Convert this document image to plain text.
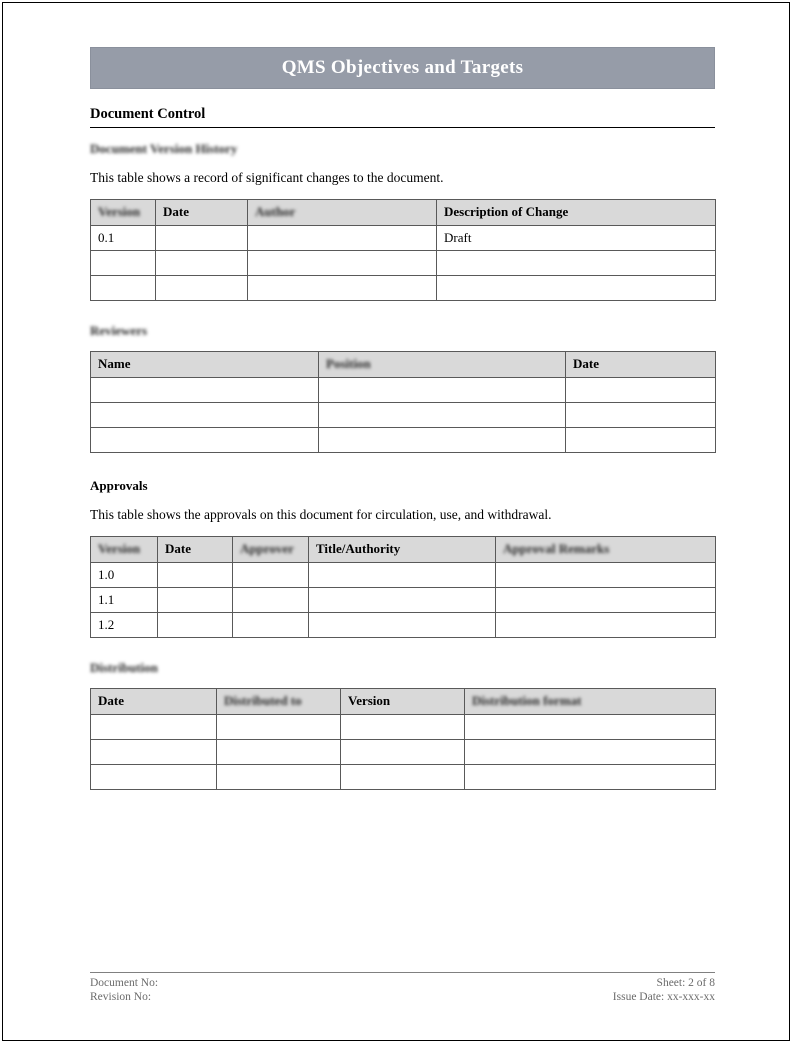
QMS Objectives and Targets
Document Control
Document Version History
This table shows a record of significant changes to the document.
Version	Date	Author	Description of Change
0.1			Draft

Reviewers
Name	Position	Date

Approvals
This table shows the approvals on this document for circulation, use, and withdrawal.
Version	Date	Approver	Title/Authority	Approval Remarks
1.0				
1.1				
1.2				
Distribution
Date	Distributed to	Version	Distribution format

Document No:
Revision No:
Sheet: 2 of 8
Issue Date: xx-xxx-xx
